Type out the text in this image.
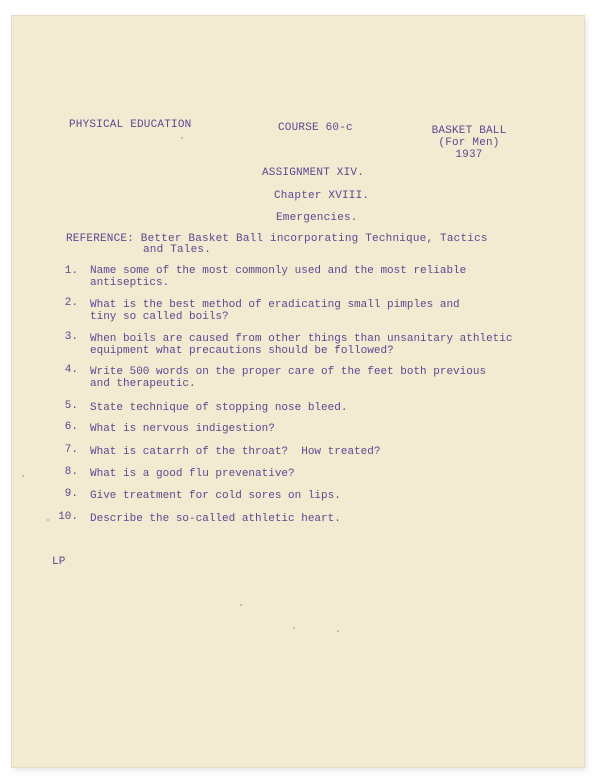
PHYSICAL EDUCATION	COURSE 60-c	BASKET BALL
(For Men)
1937
ASSIGNMENT XIV.
Chapter XVIII.
Emergencies.
REFERENCE: Better Basket Ball incorporating Technique, Tactics
and Tales.
1. Name some of the most commonly used and the most reliable
antiseptics.
2. What is the best method of eradicating small pimples and
tiny so called boils?
3. When boils are caused from other things than unsanitary athletic
equipment what precautions should be followed?
4. Write 500 words on the proper care of the feet both previous
and therapeutic.
5. State technique of stopping nose bleed.
6. What is nervous indigestion?
7. What is catarrh of the throat?  How treated?
8. What is a good flu prevenative?
9. Give treatment for cold sores on lips.
10. Describe the so-called athletic heart.
LP
